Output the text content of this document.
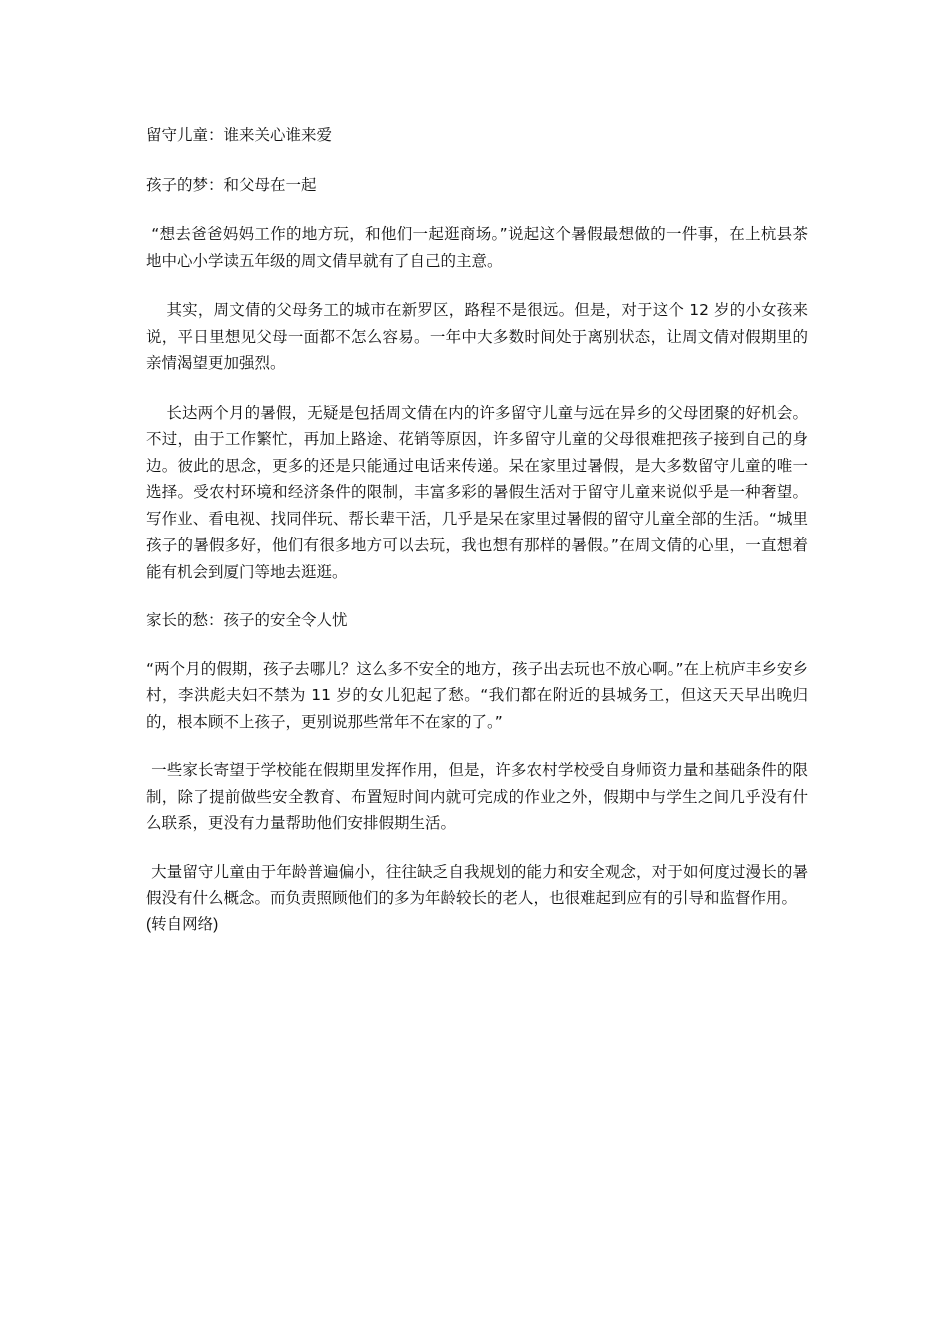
留守儿童：谁来关心谁来爱

孩子的梦：和父母在一起

“想去爸爸妈妈工作的地方玩，和他们一起逛商场。”说起这个暑假最想做的一件事，在上杭县茶地中心小学读五年级的周文倩早就有了自己的主意。

其实，周文倩的父母务工的城市在新罗区，路程不是很远。但是，对于这个 12 岁的小女孩来说，平日里想见父母一面都不怎么容易。一年中大多数时间处于离别状态，让周文倩对假期里的亲情渴望更加强烈。

长达两个月的暑假，无疑是包括周文倩在内的许多留守儿童与远在异乡的父母团聚的好机会。不过，由于工作繁忙，再加上路途、花销等原因，许多留守儿童的父母很难把孩子接到自己的身边。彼此的思念，更多的还是只能通过电话来传递。呆在家里过暑假，是大多数留守儿童的唯一选择。受农村环境和经济条件的限制，丰富多彩的暑假生活对于留守儿童来说似乎是一种奢望。写作业、看电视、找同伴玩、帮长辈干活，几乎是呆在家里过暑假的留守儿童全部的生活。“城里孩子的暑假多好，他们有很多地方可以去玩，我也想有那样的暑假。”在周文倩的心里，一直想着能有机会到厦门等地去逛逛。

家长的愁：孩子的安全令人忧

“两个月的假期，孩子去哪儿？这么多不安全的地方，孩子出去玩也不放心啊。”在上杭庐丰乡安乡村，李洪彪夫妇不禁为 11 岁的女儿犯起了愁。“我们都在附近的县城务工，但这天天早出晚归的，根本顾不上孩子，更别说那些常年不在家的了。”

一些家长寄望于学校能在假期里发挥作用，但是，许多农村学校受自身师资力量和基础条件的限制，除了提前做些安全教育、布置短时间内就可完成的作业之外，假期中与学生之间几乎没有什么联系，更没有力量帮助他们安排假期生活。

大量留守儿童由于年龄普遍偏小，往往缺乏自我规划的能力和安全观念，对于如何度过漫长的暑假没有什么概念。而负责照顾他们的多为年龄较长的老人，也很难起到应有的引导和监督作用。

(转自网络)
